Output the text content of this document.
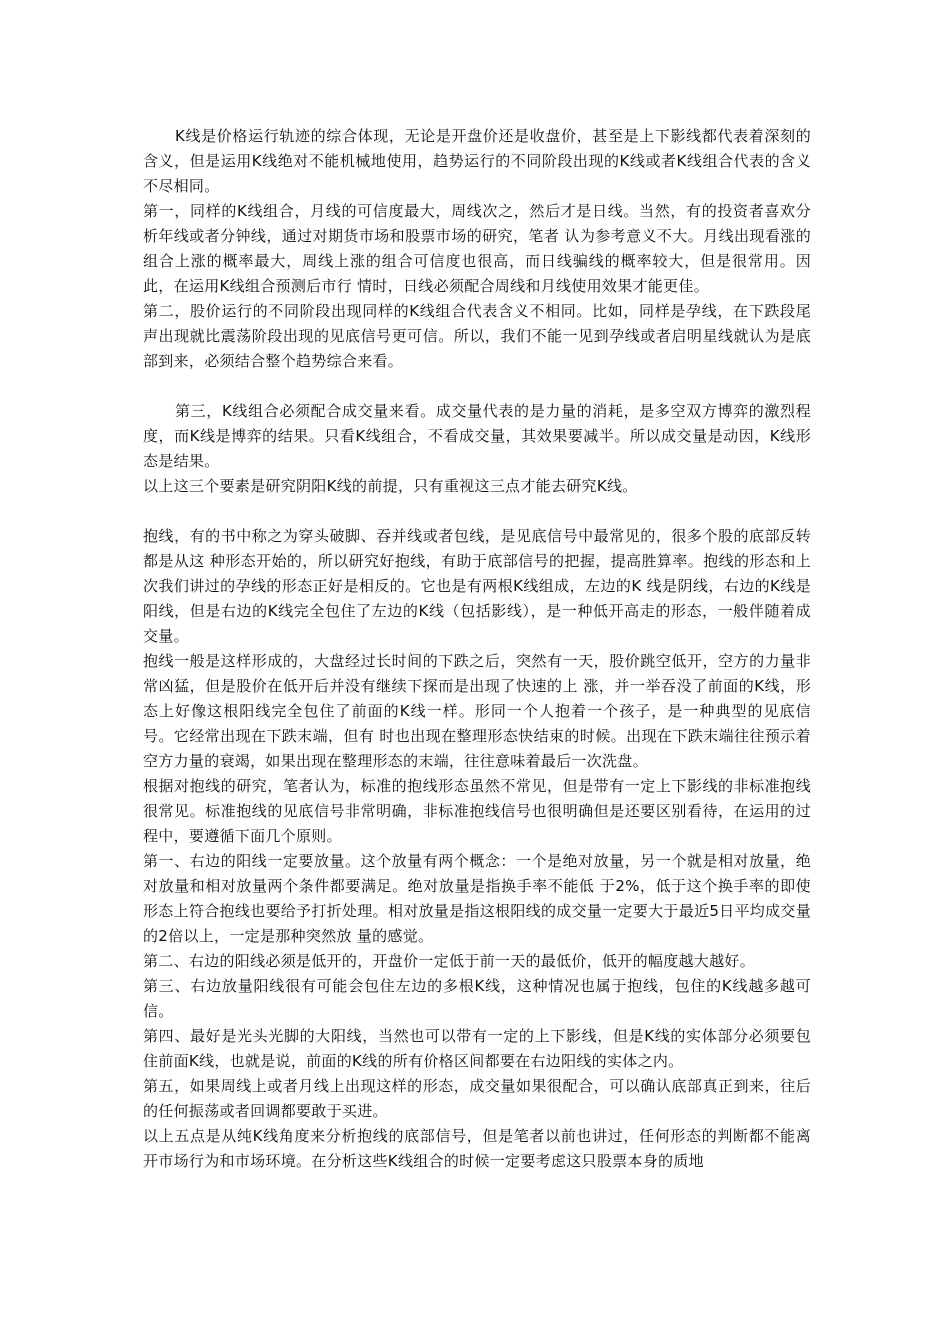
K线是价格运行轨迹的综合体现，无论是开盘价还是收盘价，甚至是上下影线都代表着深刻的含义，但是运用K线绝对不能机械地使用，趋势运行的不同阶段出现的K线或者K线组合代表的含义不尽相同。

第一，同样的K线组合，月线的可信度最大，周线次之，然后才是日线。当然，有的投资者喜欢分析年线或者分钟线，通过对期货市场和股票市场的研究，笔者 认为参考意义不大。月线出现看涨的组合上涨的概率最大，周线上涨的组合可信度也很高，而日线骗线的概率较大，但是很常用。因此，在运用K线组合预测后市行 情时，日线必须配合周线和月线使用效果才能更佳。

第二，股价运行的不同阶段出现同样的K线组合代表含义不相同。比如，同样是孕线，在下跌段尾声出现就比震荡阶段出现的见底信号更可信。所以，我们不能一见到孕线或者启明星线就认为是底部到来，必须结合整个趋势综合来看。

第三，K线组合必须配合成交量来看。成交量代表的是力量的消耗，是多空双方博弈的激烈程度，而K线是博弈的结果。只看K线组合，不看成交量，其效果要减半。所以成交量是动因，K线形态是结果。

以上这三个要素是研究阴阳K线的前提，只有重视这三点才能去研究K线。

抱线，有的书中称之为穿头破脚、吞并线或者包线，是见底信号中最常见的，很多个股的底部反转都是从这 种形态开始的，所以研究好抱线，有助于底部信号的把握，提高胜算率。抱线的形态和上次我们讲过的孕线的形态正好是相反的。它也是有两根K线组成，左边的K 线是阴线，右边的K线是阳线，但是右边的K线完全包住了左边的K线（包括影线），是一种低开高走的形态，一般伴随着成交量。

抱线一般是这样形成的，大盘经过长时间的下跌之后，突然有一天，股价跳空低开，空方的力量非常凶猛，但是股价在低开后并没有继续下探而是出现了快速的上 涨，并一举吞没了前面的K线，形态上好像这根阳线完全包住了前面的K线一样。形同一个人抱着一个孩子，是一种典型的见底信号。它经常出现在下跌末端，但有 时也出现在整理形态快结束的时候。出现在下跌末端往往预示着空方力量的衰竭，如果出现在整理形态的末端，往往意味着最后一次洗盘。

根据对抱线的研究，笔者认为，标准的抱线形态虽然不常见，但是带有一定上下影线的非标准抱线很常见。标准抱线的见底信号非常明确，非标准抱线信号也很明确但是还要区别看待，在运用的过程中，要遵循下面几个原则。

第一、右边的阳线一定要放量。这个放量有两个概念：一个是绝对放量，另一个就是相对放量，绝对放量和相对放量两个条件都要满足。绝对放量是指换手率不能低 于2%，低于这个换手率的即使形态上符合抱线也要给予打折处理。相对放量是指这根阳线的成交量一定要大于最近5日平均成交量的2倍以上，一定是那种突然放 量的感觉。

第二、右边的阳线必须是低开的，开盘价一定低于前一天的最低价，低开的幅度越大越好。

第三、右边放量阳线很有可能会包住左边的多根K线，这种情况也属于抱线，包住的K线越多越可信。

第四、最好是光头光脚的大阳线，当然也可以带有一定的上下影线，但是K线的实体部分必须要包住前面K线，也就是说，前面的K线的所有价格区间都要在右边阳线的实体之内。

第五，如果周线上或者月线上出现这样的形态，成交量如果很配合，可以确认底部真正到来，往后的任何振荡或者回调都要敢于买进。

以上五点是从纯K线角度来分析抱线的底部信号，但是笔者以前也讲过，任何形态的判断都不能离开市场行为和市场环境。在分析这些K线组合的时候一定要考虑这只股票本身的质地
